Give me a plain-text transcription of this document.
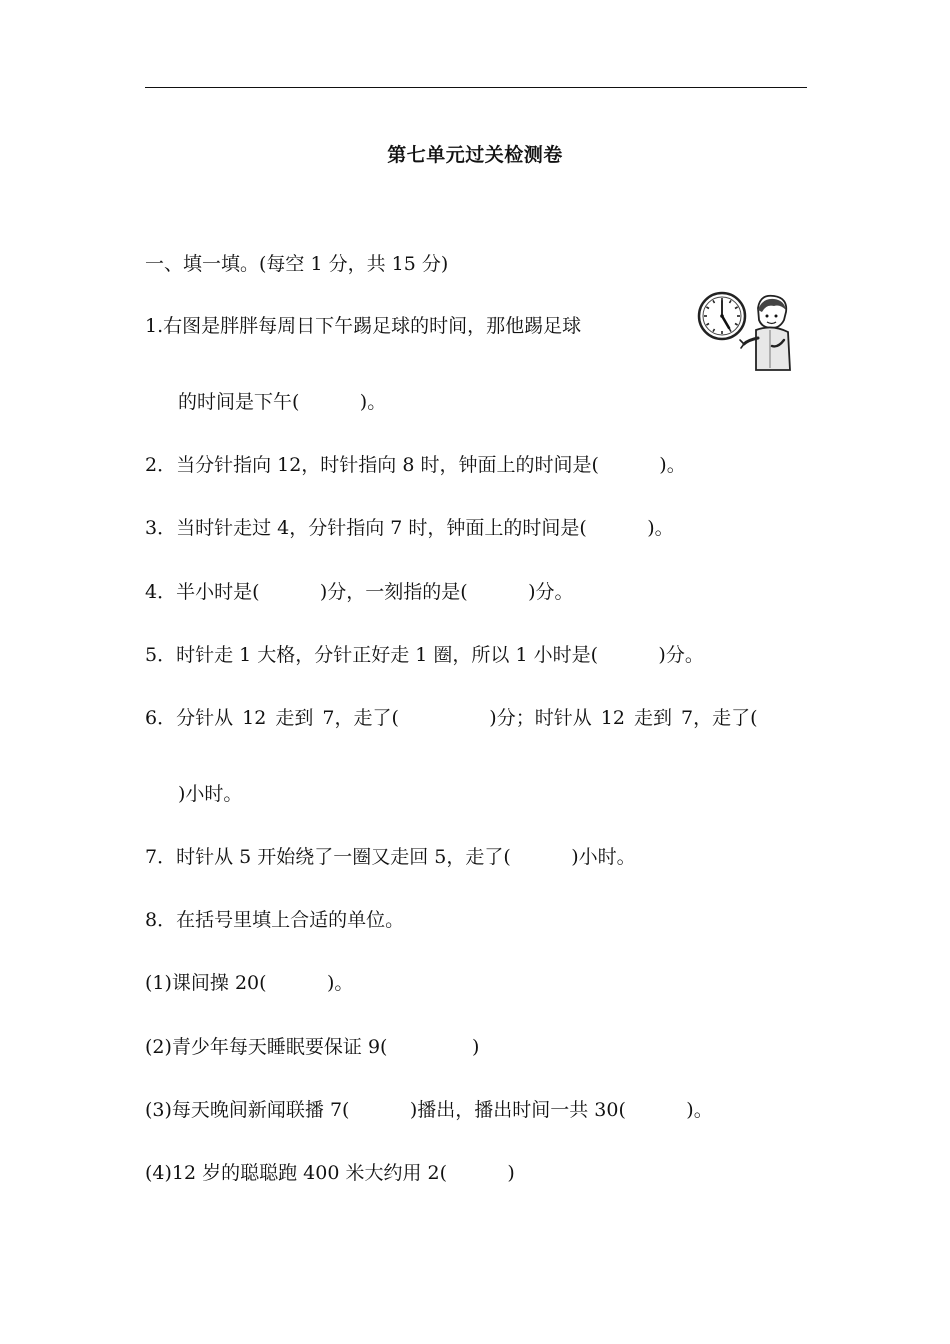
第七单元过关检测卷
一、填一填。(每空 1 分，共 15 分)
1.右图是胖胖每周日下午踢足球的时间，那他踢足球
的时间是下午(          )。
2．当分针指向 12，时针指向 8 时，钟面上的时间是(          )。
3．当时针走过 4，分针指向 7 时，钟面上的时间是(          )。
4．半小时是(          )分，一刻指的是(          )分。
5．时针走 1 大格，分针正好走 1 圈，所以 1 小时是(          )分。
6．分针从 12 走到 7，走了(          )分；时针从 12 走到 7，走了(
)小时。
7．时针从 5 开始绕了一圈又走回 5，走了(          )小时。
8．在括号里填上合适的单位。
(1)课间操 20(          )。
(2)青少年每天睡眠要保证 9(              )
(3)每天晚间新闻联播 7(          )播出，播出时间一共 30(          )。
(4)12 岁的聪聪跑 400 米大约用 2(          )
